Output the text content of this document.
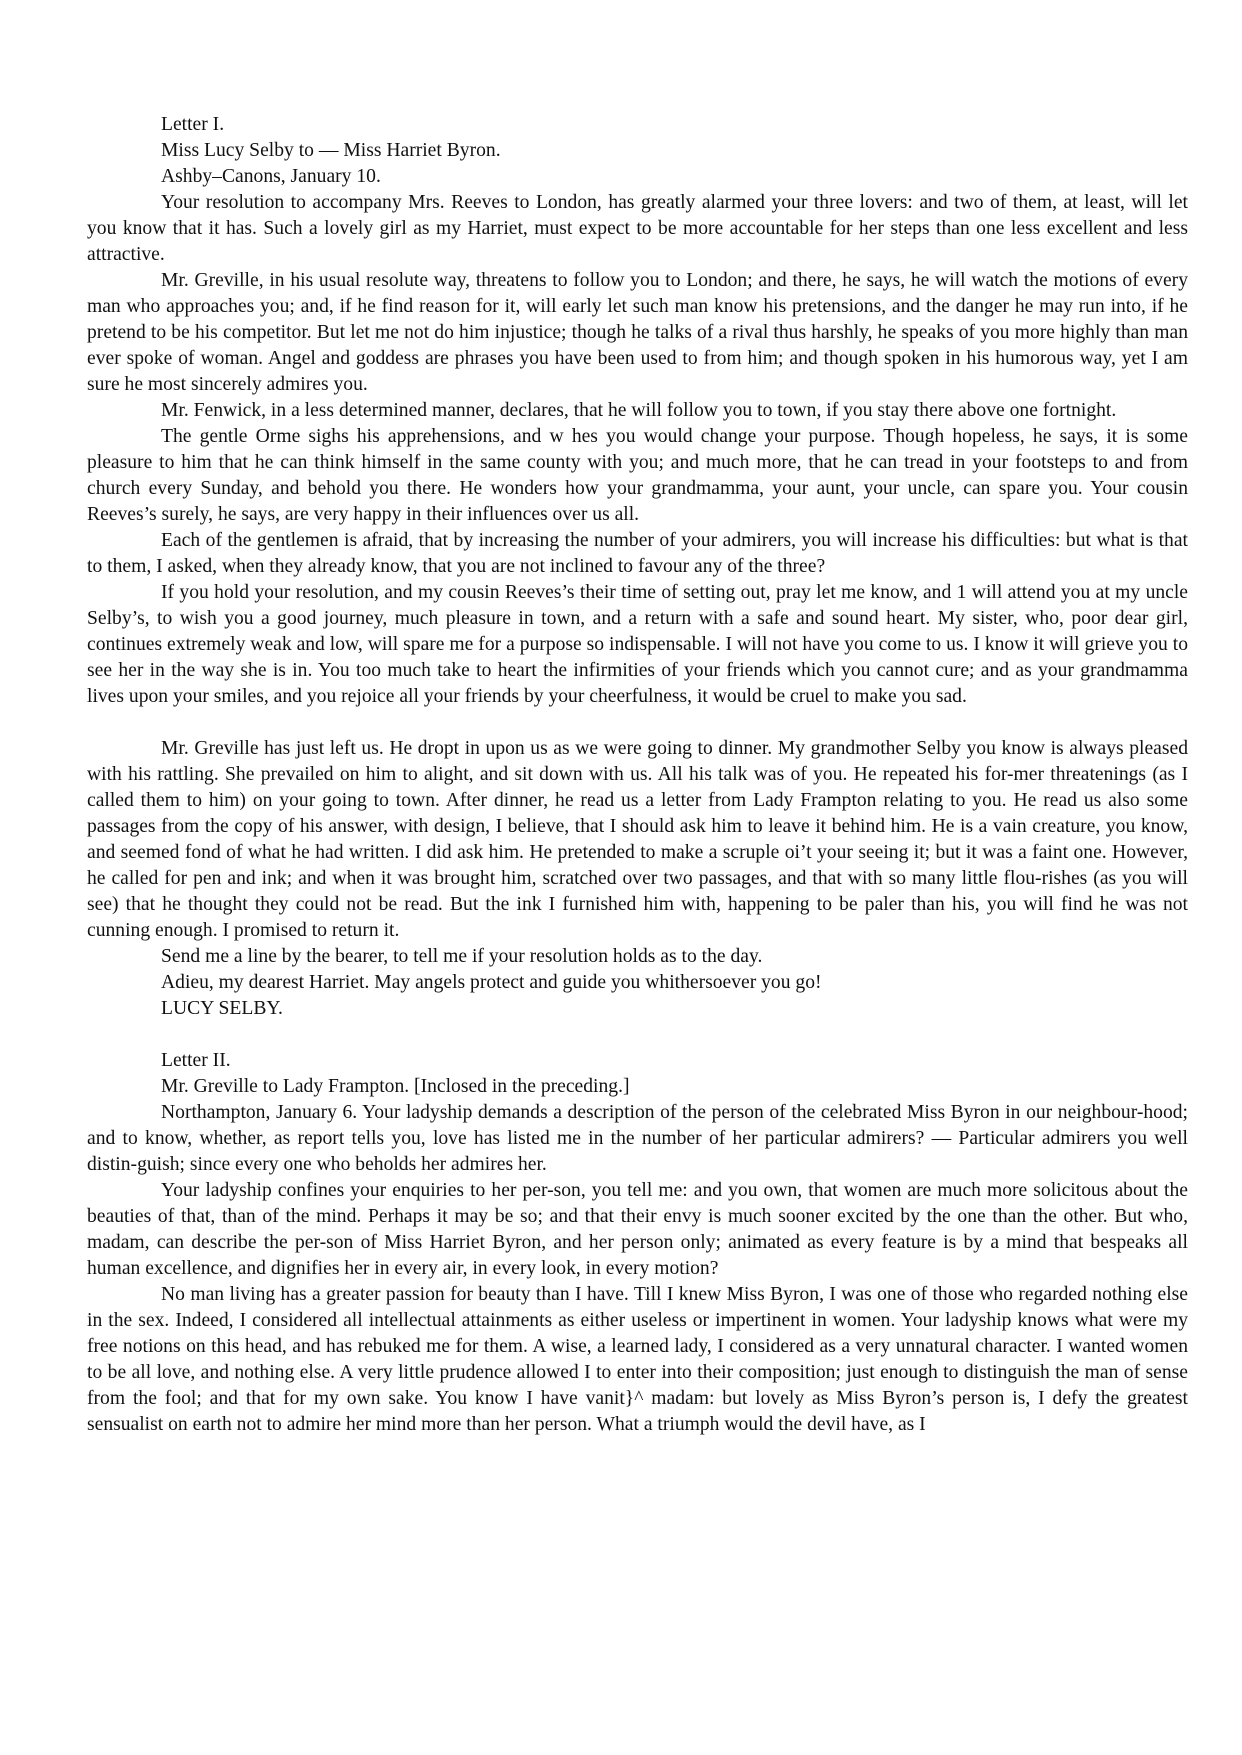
Letter I.

Miss Lucy Selby to — Miss Harriet Byron.

Ashby–Canons, January 10.

Your resolution to accompany Mrs. Reeves to London, has greatly alarmed your three lovers: and two of them, at least, will let you know that it has. Such a lovely girl as my Harriet, must expect to be more accountable for her steps than one less excellent and less attractive.

Mr. Greville, in his usual resolute way, threatens to follow you to London; and there, he says, he will watch the motions of every man who approaches you; and, if he find reason for it, will early let such man know his pretensions, and the danger he may run into, if he pretend to be his competitor. But let me not do him injustice; though he talks of a rival thus harshly, he speaks of you more highly than man ever spoke of woman. Angel and goddess are phrases you have been used to from him; and though spoken in his humorous way, yet I am sure he most sincerely admires you.

Mr. Fenwick, in a less determined manner, declares, that he will follow you to town, if you stay there above one fortnight.

The gentle Orme sighs his apprehensions, and w hes you would change your purpose. Though hopeless, he says, it is some pleasure to him that he can think himself in the same county with you; and much more, that he can tread in your footsteps to and from church every Sunday, and behold you there. He wonders how your grandmamma, your aunt, your uncle, can spare you. Your cousin Reeves’s surely, he says, are very happy in their influences over us all.

Each of the gentlemen is afraid, that by increasing the number of your admirers, you will increase his difficulties: but what is that to them, I asked, when they already know, that you are not inclined to favour any of the three?

If you hold your resolution, and my cousin Reeves’s their time of setting out, pray let me know, and 1 will attend you at my uncle Selby’s, to wish you a good journey, much pleasure in town, and a return with a safe and sound heart. My sister, who, poor dear girl, continues extremely weak and low, will spare me for a purpose so indispensable. I will not have you come to us. I know it will grieve you to see her in the way she is in. You too much take to heart the infirmities of your friends which you cannot cure; and as your grandmamma lives upon your smiles, and you rejoice all your friends by your cheerfulness, it would be cruel to make you sad.

Mr. Greville has just left us. He dropt in upon us as we were going to dinner. My grandmother Selby you know is always pleased with his rattling. She prevailed on him to alight, and sit down with us. All his talk was of you. He repeated his for-mer threatenings (as I called them to him) on your going to town. After dinner, he read us a letter from Lady Frampton relating to you. He read us also some passages from the copy of his answer, with design, I believe, that I should ask him to leave it behind him. He is a vain creature, you know, and seemed fond of what he had written. I did ask him. He pretended to make a scruple oi’t your seeing it; but it was a faint one. However, he called for pen and ink; and when it was brought him, scratched over two passages, and that with so many little flou-rishes (as you will see) that he thought they could not be read. But the ink I furnished him with, happening to be paler than his, you will find he was not cunning enough. I promised to return it.

Send me a line by the bearer, to tell me if your resolution holds as to the day.

Adieu, my dearest Harriet. May angels protect and guide you whithersoever you go!

LUCY SELBY.

Letter II.

Mr. Greville to Lady Frampton. [Inclosed in the preceding.]

Northampton, January 6. Your ladyship demands a description of the person of the celebrated Miss Byron in our neighbour-hood; and to know, whether, as report tells you, love has listed me in the number of her particular admirers? — Particular admirers you well distin-guish; since every one who beholds her admires her.

Your ladyship confines your enquiries to her per-son, you tell me: and you own, that women are much more solicitous about the beauties of that, than of the mind. Perhaps it may be so; and that their envy is much sooner excited by the one than the other. But who, madam, can describe the per-son of Miss Harriet Byron, and her person only; animated as every feature is by a mind that bespeaks all human excellence, and dignifies her in every air, in every look, in every motion?

No man living has a greater passion for beauty than I have. Till I knew Miss Byron, I was one of those who regarded nothing else in the sex. Indeed, I considered all intellectual attainments as either useless or impertinent in women. Your ladyship knows what were my free notions on this head, and has rebuked me for them. A wise, a learned lady, I considered as a very unnatural character. I wanted women to be all love, and nothing else. A very little prudence allowed I to enter into their composition; just enough to distinguish the man of sense from the fool; and that for my own sake. You know I have vanit}^ madam: but lovely as Miss Byron’s person is, I defy the greatest sensualist on earth not to admire her mind more than her person. What a triumph would the devil have, as I
